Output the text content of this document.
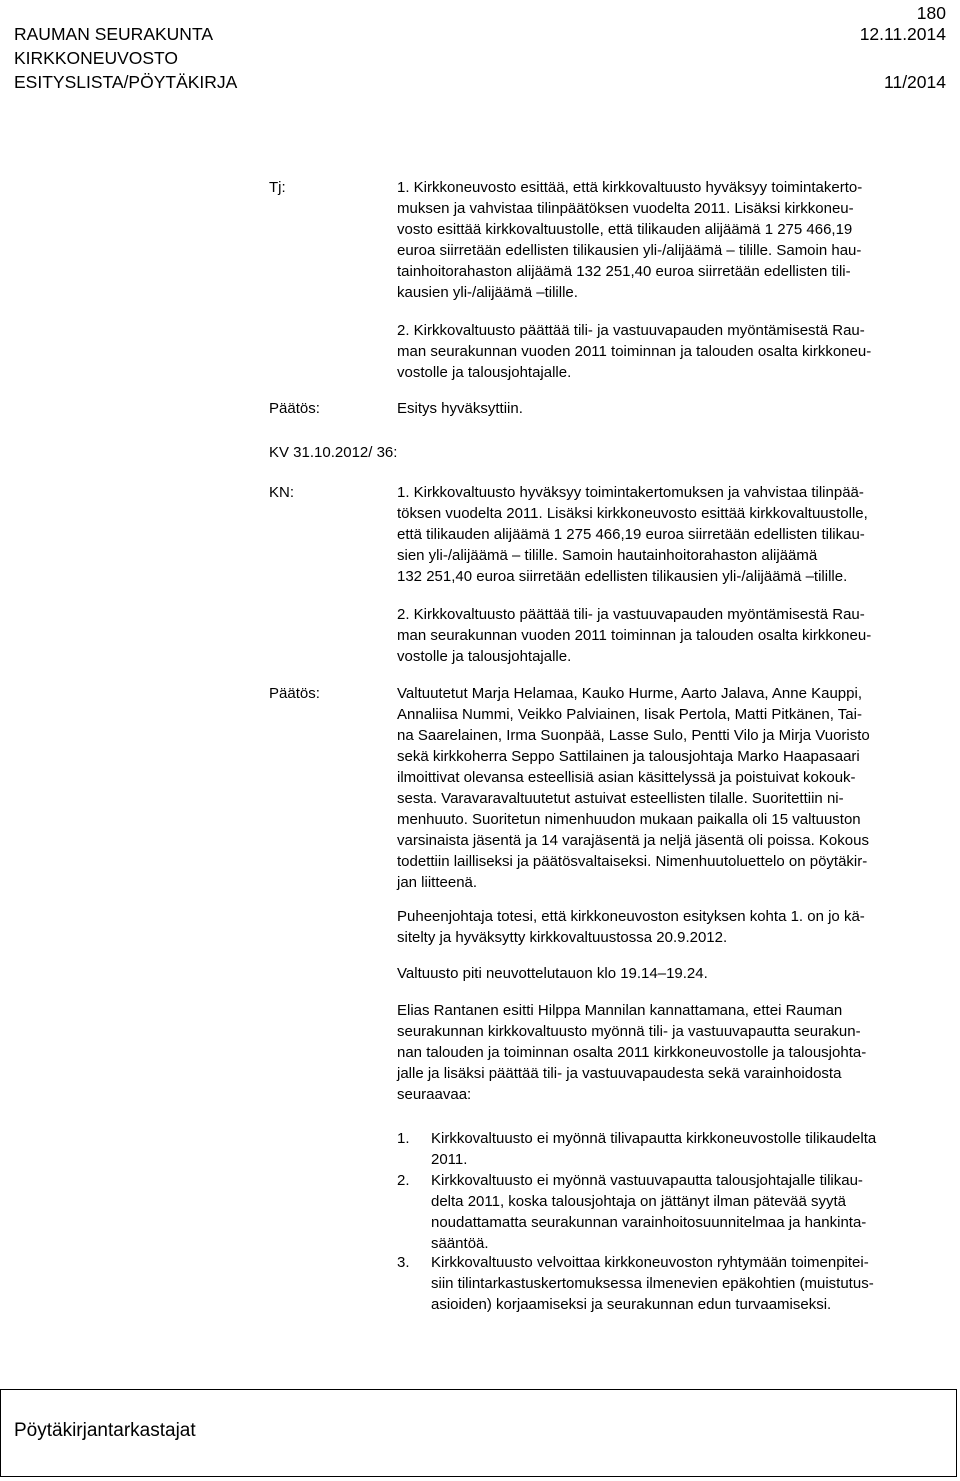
RAUMAN SEURAKUNTA
KIRKKONEUVOSTO
ESITYSLISTA/PÖYTÄKIRJA
180
12.11.2014
11/2014
Tj:	1. Kirkkoneuvosto esittää, että kirkkovaltuusto hyväksyy toimintakerto-
muksen ja vahvistaa tilinpäätöksen vuodelta 2011. Lisäksi kirkkoneu-
vosto esittää kirkkovaltuustolle, että tilikauden alijäämä 1 275 466,19
euroa siirretään edellisten tilikausien yli-/alijäämä – tilille. Samoin hau-
tainhoitorahaston alijäämä 132 251,40 euroa siirretään edellisten tili-
kausien yli-/alijäämä –tilille.
2. Kirkkovaltuusto päättää tili- ja vastuuvapauden myöntämisestä Rau-
man seurakunnan vuoden 2011 toiminnan ja talouden osalta kirkkoneu-
vostolle ja talousjohtajalle.
Päätös:	Esitys hyväksyttiin.
KV 31.10.2012/ 36:
KN:	1. Kirkkovaltuusto hyväksyy toimintakertomuksen ja vahvistaa tilinpää-
töksen vuodelta 2011. Lisäksi kirkkoneuvosto esittää kirkkovaltuustolle,
että tilikauden alijäämä 1 275 466,19 euroa siirretään edellisten tilikau-
sien yli-/alijäämä – tilille. Samoin hautainhoitorahaston alijäämä
132 251,40 euroa siirretään edellisten tilikausien yli-/alijäämä –tilille.
2. Kirkkovaltuusto päättää tili- ja vastuuvapauden myöntämisestä Rau-
man seurakunnan vuoden 2011 toiminnan ja talouden osalta kirkkoneu-
vostolle ja talousjohtajalle.
Päätös:	Valtuutetut Marja Helamaa, Kauko Hurme, Aarto Jalava, Anne Kauppi,
Annaliisa Nummi, Veikko Palviainen, Iisak Pertola, Matti Pitkänen, Tai-
na Saarelainen, Irma Suonpää, Lasse Sulo, Pentti Vilo ja Mirja Vuoristo
sekä kirkkoherra Seppo Sattilainen ja talousjohtaja Marko Haapasaari
ilmoittivat olevansa esteellisiä asian käsittelyssä ja poistuivat kokouk-
sesta. Varavaravaltuutetut astuivat esteellisten tilalle. Suoritettiin ni-
menhuuto. Suoritetun nimenhuudon mukaan paikalla oli 15 valtuuston
varsinaista jäsentä ja 14 varajäsentä ja neljä jäsentä oli poissa. Kokous
todettiin lailliseksi ja päätösvaltaiseksi. Nimenhuutoluettelo on pöytäkir-
jan liitteenä.
Puheenjohtaja totesi, että kirkkoneuvoston esityksen kohta 1. on jo kä-
sitelty ja hyväksytty kirkkovaltuustossa 20.9.2012.
Valtuusto piti neuvottelutauon klo 19.14–19.24.
Elias Rantanen esitti Hilppa Mannilan kannattamana, ettei Rauman
seurakunnan kirkkovaltuusto myönnä tili- ja vastuuvapautta seurakun-
nan talouden ja toiminnan osalta 2011 kirkkoneuvostolle ja talousjohta-
jalle ja lisäksi päättää tili- ja vastuuvapaudesta sekä varainhoidosta
seuraavaa:
1. Kirkkovaltuusto ei myönnä tilivapautta kirkkoneuvostolle tilikaudelta
2011.
2. Kirkkovaltuusto ei myönnä vastuuvapautta talousjohtajalle tilikau-
delta 2011, koska talousjohtaja on jättänyt ilman pätevää syytä
noudattamatta seurakunnan varainhoitosuunnitelmaa ja hankinta-
sääntöä.
3. Kirkkovaltuusto velvoittaa kirkkoneuvoston ryhtymään toimenpitei-
siin tilintarkastuskertomuksessa ilmenevien epäkohtien (muistutus-
asioiden) korjaamiseksi ja seurakunnan edun turvaamiseksi.
Pöytäkirjantarkastajat
